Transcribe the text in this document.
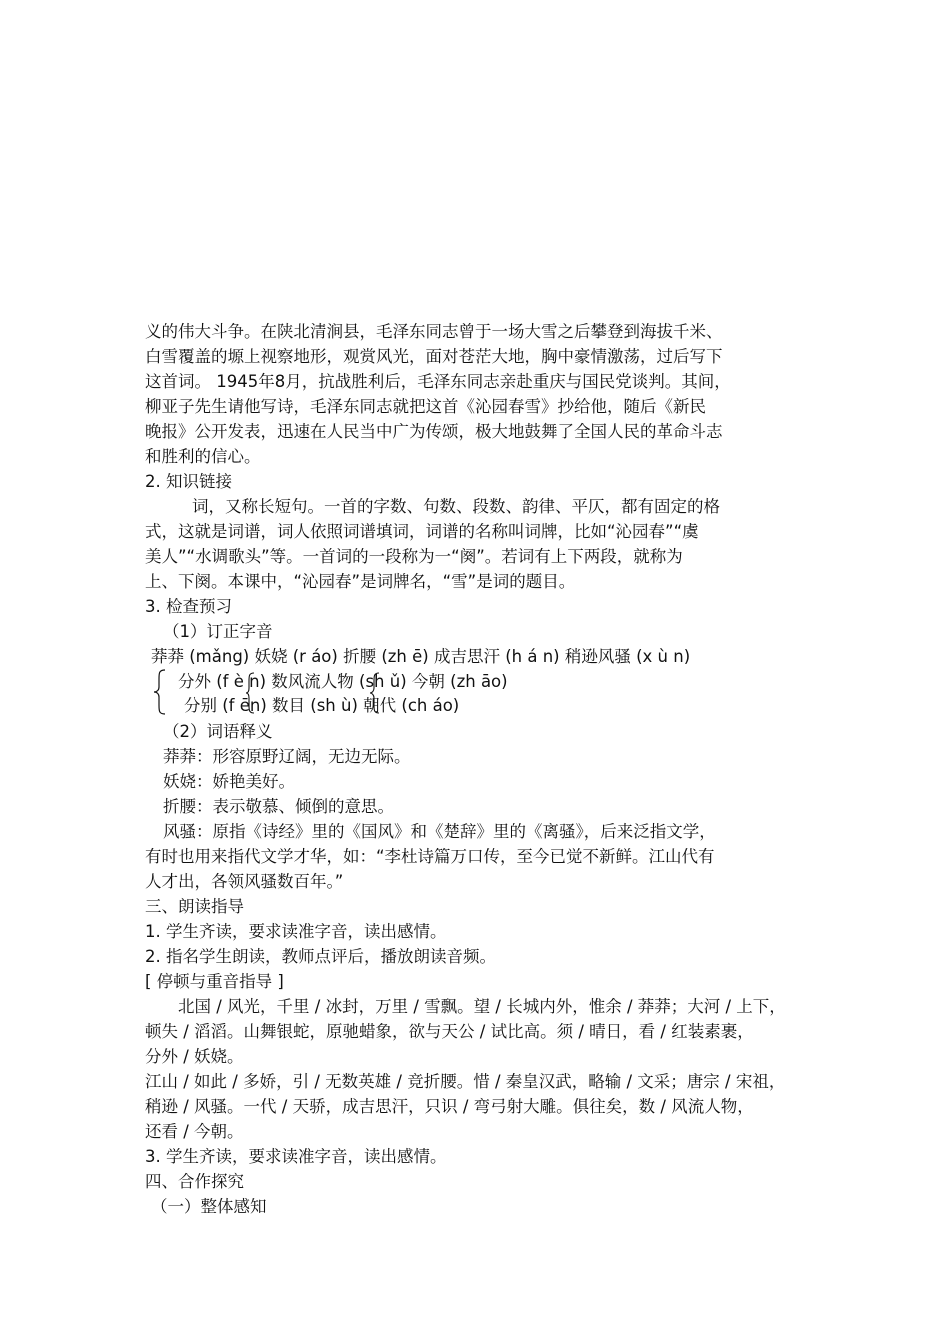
义的伟大斗争。在陕北清涧县，毛泽东同志曾于一场大雪之后攀登到海拔千米、
白雪覆盖的塬上视察地形，观赏风光，面对苍茫大地，胸中豪情激荡，过后写下
这首词。 1945年8月，抗战胜利后，毛泽东同志亲赴重庆与国民党谈判。其间，
柳亚子先生请他写诗，毛泽东同志就把这首《沁园春雪》抄给他，随后《新民
晚报》公开发表，迅速在人民当中广为传颂，极大地鼓舞了全国人民的革命斗志
和胜利的信心。
2. 知识链接
词，又称长短句。一首的字数、句数、段数、韵律、平仄，都有固定的格
式，这就是词谱，词人依照词谱填词，词谱的名称叫词牌，比如“沁园春”“虞
美人”“水调歌头”等。一首词的一段称为一“阕”。若词有上下两段，就称为
上、下阕。本课中，“沁园春”是词牌名，“雪”是词的题目。
3. 检查预习
（1）订正字音
莽莽 (mǎng) 妖娆 (r áo) 折腰 (zh ē) 成吉思汗 (h á n) 稍逊风骚 (x ù n)
分外 (f è n) 数风流人物 (sh ǔ) 今朝 (zh āo)
分别 (f ēn) 数目 (sh ù) 朝代 (ch áo)
（2）词语释义
莽莽：形容原野辽阔，无边无际。
妖娆：娇艳美好。
折腰：表示敬慕、倾倒的意思。
风骚：原指《诗经》里的《国风》和《楚辞》里的《离骚》，后来泛指文学，
有时也用来指代文学才华，如：“李杜诗篇万口传，至今已觉不新鲜。江山代有
人才出，各领风骚数百年。”
三、朗读指导
1. 学生齐读，要求读准字音，读出感情。
2. 指名学生朗读，教师点评后，播放朗读音频。
[ 停顿与重音指导 ]
北国 / 风光，千里 / 冰封，万里 / 雪飘。望 / 长城内外，惟余 / 莽莽；大河 / 上下，
顿失 / 滔滔。山舞银蛇，原驰蜡象，欲与天公 / 试比高。须 / 晴日，看 / 红装素裹，
分外 / 妖娆。
江山 / 如此 / 多娇，引 / 无数英雄 / 竞折腰。惜 / 秦皇汉武，略输 / 文采；唐宗 / 宋祖，
稍逊 / 风骚。一代 / 天骄，成吉思汗，只识 / 弯弓射大雕。俱往矣，数 / 风流人物，
还看 / 今朝。
3. 学生齐读，要求读准字音，读出感情。
四、合作探究
（一）整体感知
